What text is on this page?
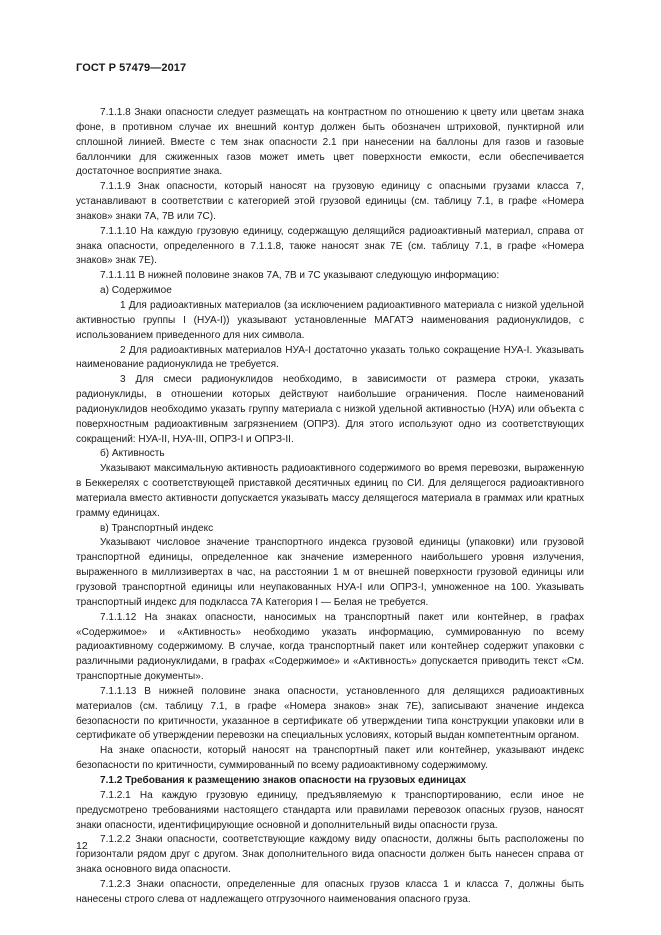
ГОСТ Р 57479—2017

7.1.1.8 Знаки опасности следует размещать на контрастном по отношению к цвету или цветам знака фоне, в противном случае их внешний контур должен быть обозначен штриховой, пунктирной или сплошной линией. Вместе с тем знак опасности 2.1 при нанесении на баллоны для газов и газовые баллончики для сжиженных газов может иметь цвет поверхности емкости, если обеспечивается достаточное восприятие знака.

7.1.1.9 Знак опасности, который наносят на грузовую единицу с опасными грузами класса 7, устанавливают в соответствии с категорией этой грузовой единицы (см. таблицу 7.1, в графе «Номера знаков» знаки 7А, 7В или 7С).

7.1.1.10 На каждую грузовую единицу, содержащую делящийся радиоактивный материал, справа от знака опасности, определенного в 7.1.1.8, также наносят знак 7Е (см. таблицу 7.1, в графе «Номера знаков» знак 7Е).

7.1.1.11 В нижней половине знаков 7А, 7В и 7С указывают следующую информацию:

а) Содержимое

1 Для радиоактивных материалов (за исключением радиоактивного материала с низкой удельной активностью группы I (НУА-I)) указывают установленные МАГАТЭ наименования радионуклидов, с использованием приведенного для них символа.

2 Для радиоактивных материалов НУА-I достаточно указать только сокращение НУА-I. Указывать наименование радионуклида не требуется.

3 Для смеси радионуклидов необходимо, в зависимости от размера строки, указать радионуклиды, в отношении которых действуют наибольшие ограничения. После наименований радионуклидов необходимо указать группу материала с низкой удельной активностью (НУА) или объекта с поверхностным радиоактивным загрязнением (ОПРЗ). Для этого используют одно из соответствующих сокращений: НУА-II, НУА-III, ОПРЗ-I и ОПРЗ-II.

б) Активность

Указывают максимальную активность радиоактивного содержимого во время перевозки, выраженную в Беккерелях с соответствующей приставкой десятичных единиц по СИ. Для делящегося радиоактивного материала вместо активности допускается указывать массу делящегося материала в граммах или кратных грамму единицах.

в) Транспортный индекс

Указывают числовое значение транспортного индекса грузовой единицы (упаковки) или грузовой транспортной единицы, определенное как значение измеренного наибольшего уровня излучения, выраженного в миллизивертах в час, на расстоянии 1 м от внешней поверхности грузовой единицы или грузовой транспортной единицы или неупакованных НУА-I или ОПРЗ-I, умноженное на 100. Указывать транспортный индекс для подкласса 7А Категория I — Белая не требуется.

7.1.1.12 На знаках опасности, наносимых на транспортный пакет или контейнер, в графах «Содержимое» и «Активность» необходимо указать информацию, суммированную по всему радиоактивному содержимому. В случае, когда транспортный пакет или контейнер содержит упаковки с различными радионуклидами, в графах «Содержимое» и «Активность» допускается приводить текст «См. транспортные документы».

7.1.1.13 В нижней половине знака опасности, установленного для делящихся радиоактивных материалов (см. таблицу 7.1, в графе «Номера знаков» знак 7Е), записывают значение индекса безопасности по критичности, указанное в сертификате об утверждении типа конструкции упаковки или в сертификате об утверждении перевозки на специальных условиях, который выдан компетентным органом.

На знаке опасности, который наносят на транспортный пакет или контейнер, указывают индекс безопасности по критичности, суммированный по всему радиоактивному содержимому.

7.1.2 Требования к размещению знаков опасности на грузовых единицах

7.1.2.1 На каждую грузовую единицу, предъявляемую к транспортированию, если иное не предусмотрено требованиями настоящего стандарта или правилами перевозок опасных грузов, наносят знаки опасности, идентифицирующие основной и дополнительный виды опасности груза.

7.1.2.2 Знаки опасности, соответствующие каждому виду опасности, должны быть расположены по горизонтали рядом друг с другом. Знак дополнительного вида опасности должен быть нанесен справа от знака основного вида опасности.

7.1.2.3 Знаки опасности, определенные для опасных грузов класса 1 и класса 7, должны быть нанесены строго слева от надлежащего отгрузочного наименования опасного груза.

12
